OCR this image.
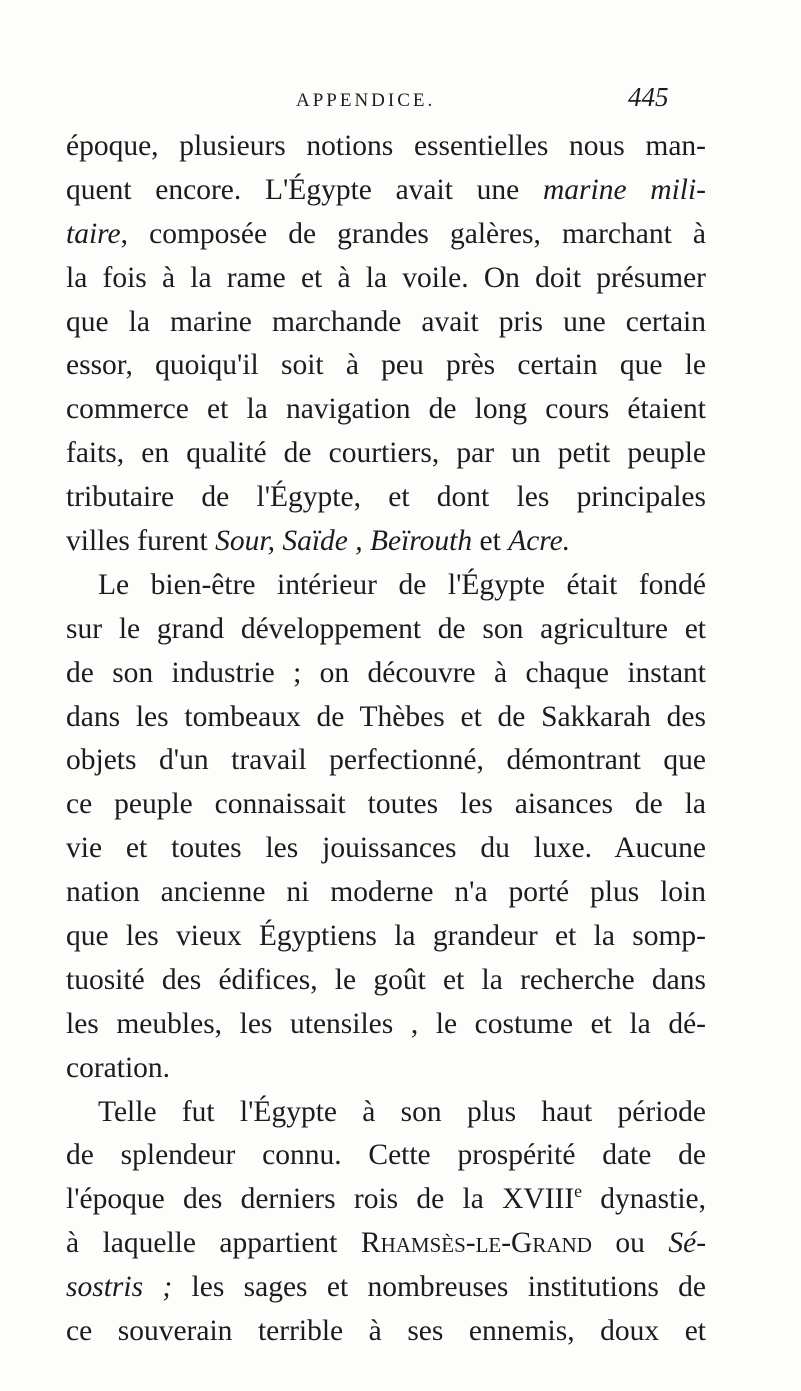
APPENDICE.	445
époque, plusieurs notions essentielles nous man-
quent encore. L'Égypte avait une marine mili-
taire, composée de grandes galères, marchant à
la fois à la rame et à la voile. On doit présumer
que la marine marchande avait pris une certain
essor, quoiqu'il soit à peu près certain que le
commerce et la navigation de long cours étaient
faits, en qualité de courtiers, par un petit peuple
tributaire de l'Égypte, et dont les principales
villes furent Sour, Saïde , Beïrouth et Acre.
Le bien-être intérieur de l'Égypte était fondé
sur le grand développement de son agriculture et
de son industrie ; on découvre à chaque instant
dans les tombeaux de Thèbes et de Sakkarah des
objets d'un travail perfectionné, démontrant que
ce peuple connaissait toutes les aisances de la
vie et toutes les jouissances du luxe. Aucune
nation ancienne ni moderne n'a porté plus loin
que les vieux Égyptiens la grandeur et la somp-
tuosité des édifices, le goût et la recherche dans
les meubles, les utensiles , le costume et la dé-
coration.
Telle fut l'Égypte à son plus haut période
de splendeur connu. Cette prospérité date de
l'époque des derniers rois de la XVIIIe dynastie,
à laquelle appartient Rhamsès-le-Grand ou Sé-
sostris ; les sages et nombreuses institutions de
ce souverain terrible à ses ennemis, doux et
